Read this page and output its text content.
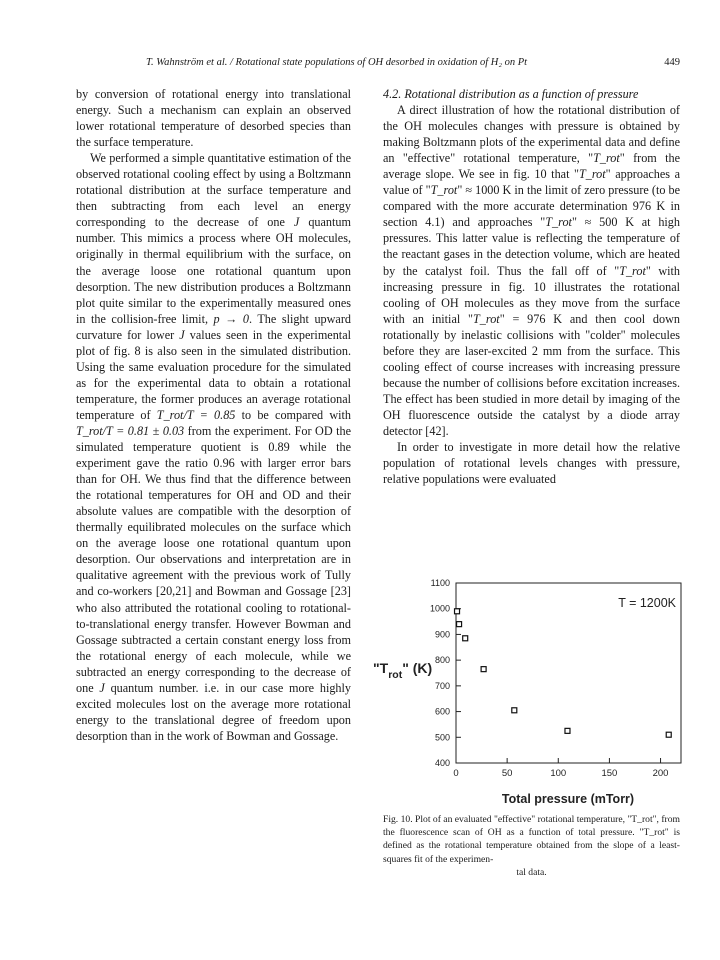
T. Wahnström et al. / Rotational state populations of OH desorbed in oxidation of H₂ on Pt	449

by conversion of rotational energy into translational energy. Such a mechanism can explain an observed lower rotational temperature of desorbed species than the surface temperature.

We performed a simple quantitative estimation of the observed rotational cooling effect by using a Boltzmann rotational distribution at the surface temperature and then subtracting from each level an energy corresponding to the decrease of one J quantum number. This mimics a process where OH molecules, originally in thermal equilibrium with the surface, on the average loose one rotational quantum upon desorption. The new distribution produces a Boltzmann plot quite similar to the experimentally measured ones in the collision-free limit, p → 0. The slight upward curvature for lower J values seen in the experimental plot of fig. 8 is also seen in the simulated distribution. Using the same evaluation procedure for the simulated as for the experimental data to obtain a rotational temperature, the former produces an average rotational temperature of T_rot/T = 0.85 to be compared with T_rot/T = 0.81 ± 0.03 from the experiment. For OD the simulated temperature quotient is 0.89 while the experiment gave the ratio 0.96 with larger error bars than for OH. We thus find that the difference between the rotational temperatures for OH and OD and their absolute values are compatible with the desorption of thermally equilibrated molecules on the surface which on the average loose one rotational quantum upon desorption. Our observations and interpretation are in qualitative agreement with the previous work of Tully and co-workers [20,21] and Bowman and Gossage [23] who also attributed the rotational cooling to rotational-to-translational energy transfer. However Bowman and Gossage subtracted a certain constant energy loss from the rotational energy of each molecule, while we subtracted an energy corresponding to the decrease of one J quantum number. i.e. in our case more highly excited molecules lost on the average more rotational energy to the translational degree of freedom upon desorption than in the work of Bowman and Gossage.

4.2. Rotational distribution as a function of pressure

A direct illustration of how the rotational distribution of the OH molecules changes with pressure is obtained by making Boltzmann plots of the experimental data and define an "effective" rotational temperature, "T_rot" from the average slope. We see in fig. 10 that "T_rot" approaches a value of "T_rot" ≈ 1000 K in the limit of zero pressure (to be compared with the more accurate determination 976 K in section 4.1) and approaches "T_rot" ≈ 500 K at high pressures. This latter value is reflecting the temperature of the reactant gases in the detection volume, which are heated by the catalyst foil. Thus the fall off of "T_rot" with increasing pressure in fig. 10 illustrates the rotational cooling of OH molecules as they move from the surface with an initial "T_rot" = 976 K and then cool down rotationally by inelastic collisions with "colder" molecules before they are laser-excited 2 mm from the surface. This cooling effect of course increases with increasing pressure because the number of collisions before excitation increases. The effect has been studied in more detail by imaging of the OH fluorescence outside the catalyst by a diode array detector [42].

In order to investigate in more detail how the relative population of rotational levels changes with pressure, relative populations were evaluated

400
500
600
700
800
900
1000
1100
0	50	100	150	200
T = 1200K
"$T_{rot}$" (K)
Total pressure (mTorr)
Fig. 10. Plot of an evaluated "effective" rotational temperature, "T_rot", from the fluorescence scan of OH as a function of total pressure. "T_rot" is defined as the rotational temperature obtained from the slope of a least-squares fit of the experimen-
tal data.
